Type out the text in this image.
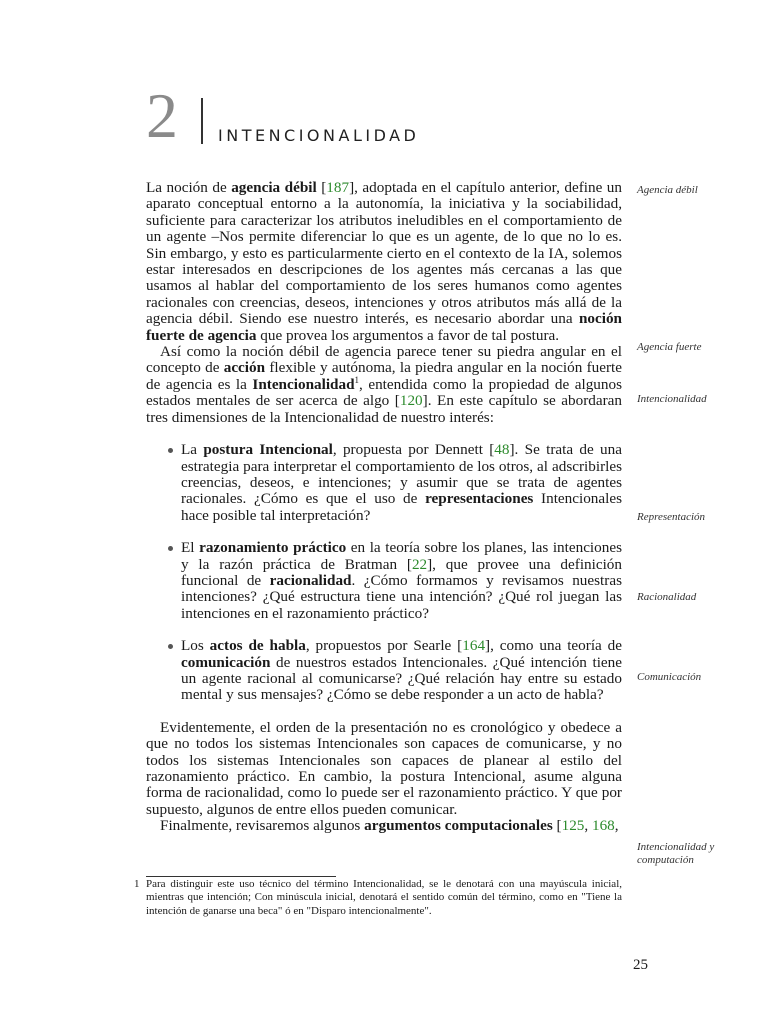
2	INTENCIONALIDAD

La noción de agencia débil [187], adoptada en el capítulo anterior, define un aparato conceptual entorno a la autonomía, la iniciativa y la sociabilidad, suficiente para caracterizar los atributos ineludibles en el comportamiento de un agente –Nos permite diferenciar lo que es un agente, de lo que no lo es. Sin embargo, y esto es particularmente cierto en el contexto de la IA, solemos estar interesados en descripciones de los agentes más cercanas a las que usamos al hablar del comportamiento de los seres humanos como agentes racionales con creencias, deseos, intenciones y otros atributos más allá de la agencia débil. Siendo ese nuestro interés, es necesario abordar una noción fuerte de agencia que provea los argumentos a favor de tal postura.

Así como la noción débil de agencia parece tener su piedra angular en el concepto de acción flexible y autónoma, la piedra angular en la noción fuerte de agencia es la Intencionalidad$^1$, entendida como la propiedad de algunos estados mentales de ser acerca de algo [120]. En este capítulo se abordaran tres dimensiones de la Intencionalidad de nuestro interés:

La postura Intencional, propuesta por Dennett [48]. Se trata de una estrategia para interpretar el comportamiento de los otros, al adscribirles creencias, deseos, e intenciones; y asumir que se trata de agentes racionales. ¿Cómo es que el uso de representaciones Intencionales hace posible tal interpretación?
El razonamiento práctico en la teoría sobre los planes, las intenciones y la razón práctica de Bratman [22], que provee una definición funcional de racionalidad. ¿Cómo formamos y revisamos nuestras intenciones? ¿Qué estructura tiene una intención? ¿Qué rol juegan las intenciones en el razonamiento práctico?
Los actos de habla, propuestos por Searle [164], como una teoría de comunicación de nuestros estados Intencionales. ¿Qué intención tiene un agente racional al comunicarse? ¿Qué relación hay entre su estado mental y sus mensajes? ¿Cómo se debe responder a un acto de habla?

Evidentemente, el orden de la presentación no es cronológico y obedece a que no todos los sistemas Intencionales son capaces de comunicarse, y no todos los sistemas Intencionales son capaces de planear al estilo del razonamiento práctico. En cambio, la postura Intencional, asume alguna forma de racionalidad, como lo puede ser el razonamiento práctico. Y que por supuesto, algunos de entre ellos pueden comunicar.

Finalmente, revisaremos algunos argumentos computacionales [125, 168,

Agencia débil
Agencia fuerte
Intencionalidad
Representación
Racionalidad
Comunicación
Intencionalidad y computación
1 Para distinguir este uso técnico del término Intencionalidad, se le denotará con una mayúscula inicial, mientras que intención; Con minúscula inicial, denotará el sentido común del término, como en "Tiene la intención de ganarse una beca" ó en "Disparo intencionalmente".
25
